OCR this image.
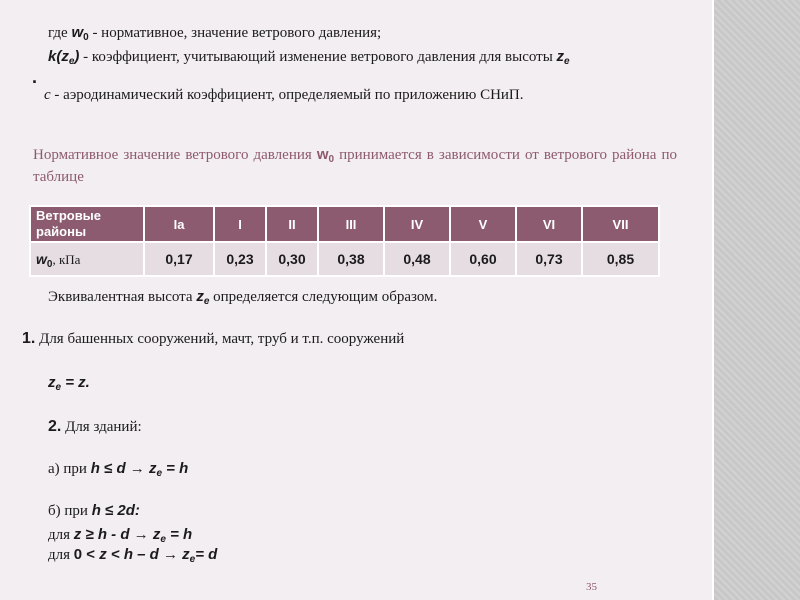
где $w_0$ - нормативное, значение ветрового давления;
$k(z_e)$ - коэффициент, учитывающий изменение ветрового давления для высоты $z_e$
.
с - аэродинамический коэффициент, определяемый по приложению СНиП.
Нормативное значение ветрового давления $w_0$ принимается в зависимости от ветрового района по таблице
Ветровые районы	Ia	I	II	III	IV	V	VI	VII
$w_0$, кПа	0,17	0,23	0,30	0,38	0,48	0,60	0,73	0,85
Эквивалентная высота $z_e$ определяется следующим образом.
1. Для башенных сооружений, мачт, труб и т.п. сооружений
$z_e = z$.
2. Для зданий:
а) при $h \le d \to z_e = h$
б) при h ≤ 2d:
для $z \ge h - d \to z_e = h$
для $0 < z < h - d \to z_e= d$
35
